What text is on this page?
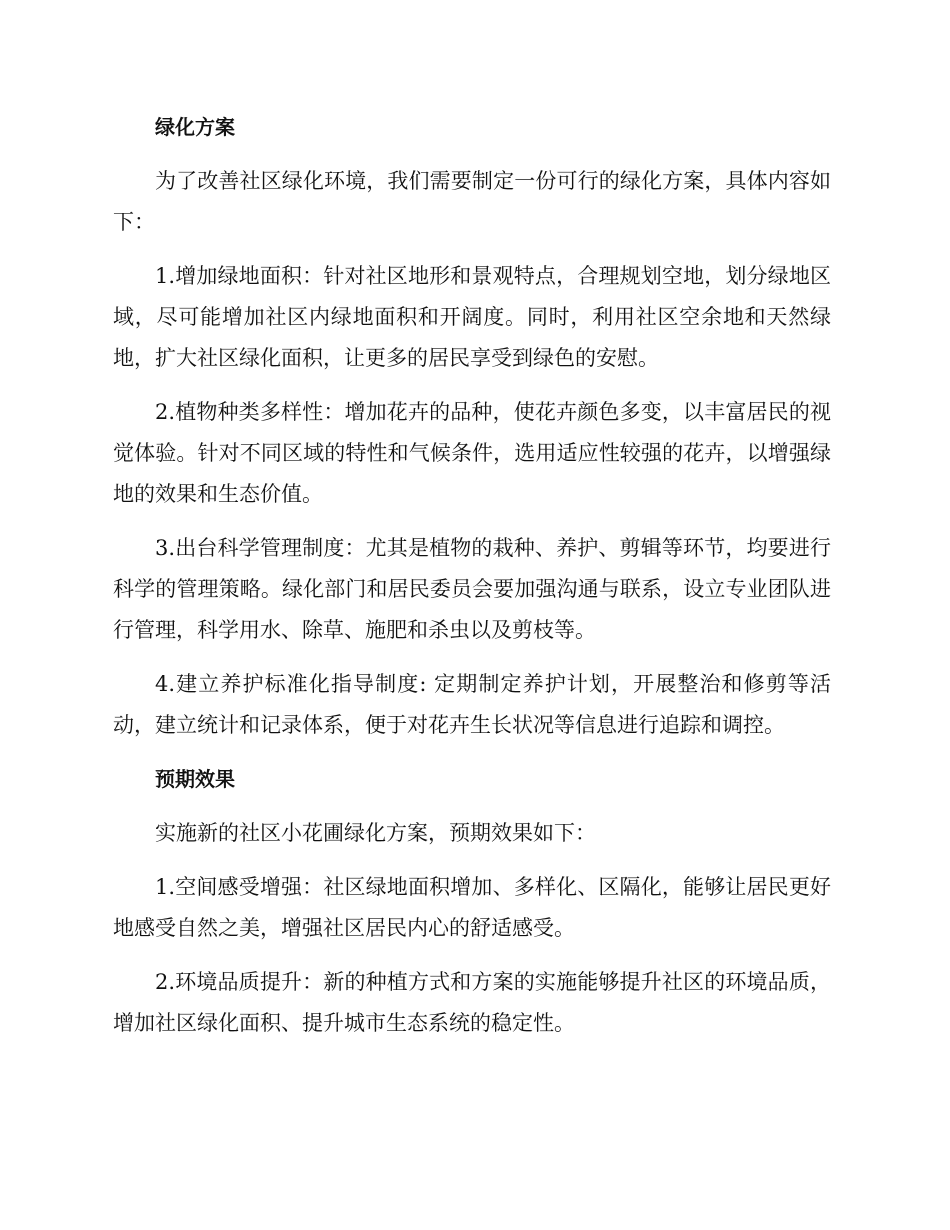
绿化方案

为了改善社区绿化环境，我们需要制定一份可行的绿化方案，具体内容如下：

1.增加绿地面积：针对社区地形和景观特点，合理规划空地，划分绿地区域，尽可能增加社区内绿地面积和开阔度。同时，利用社区空余地和天然绿地，扩大社区绿化面积，让更多的居民享受到绿色的安慰。

2.植物种类多样性：增加花卉的品种，使花卉颜色多变，以丰富居民的视觉体验。针对不同区域的特性和气候条件，选用适应性较强的花卉，以增强绿地的效果和生态价值。

3.出台科学管理制度：尤其是植物的栽种、养护、剪辑等环节，均要进行科学的管理策略。绿化部门和居民委员会要加强沟通与联系，设立专业团队进行管理，科学用水、除草、施肥和杀虫以及剪枝等。

4.建立养护标准化指导制度: 定期制定养护计划，开展整治和修剪等活动，建立统计和记录体系，便于对花卉生长状况等信息进行追踪和调控。

预期效果

实施新的社区小花圃绿化方案，预期效果如下：

1.空间感受增强：社区绿地面积增加、多样化、区隔化，能够让居民更好地感受自然之美，增强社区居民内心的舒适感受。

2.环境品质提升：新的种植方式和方案的实施能够提升社区的环境品质，增加社区绿化面积、提升城市生态系统的稳定性。
